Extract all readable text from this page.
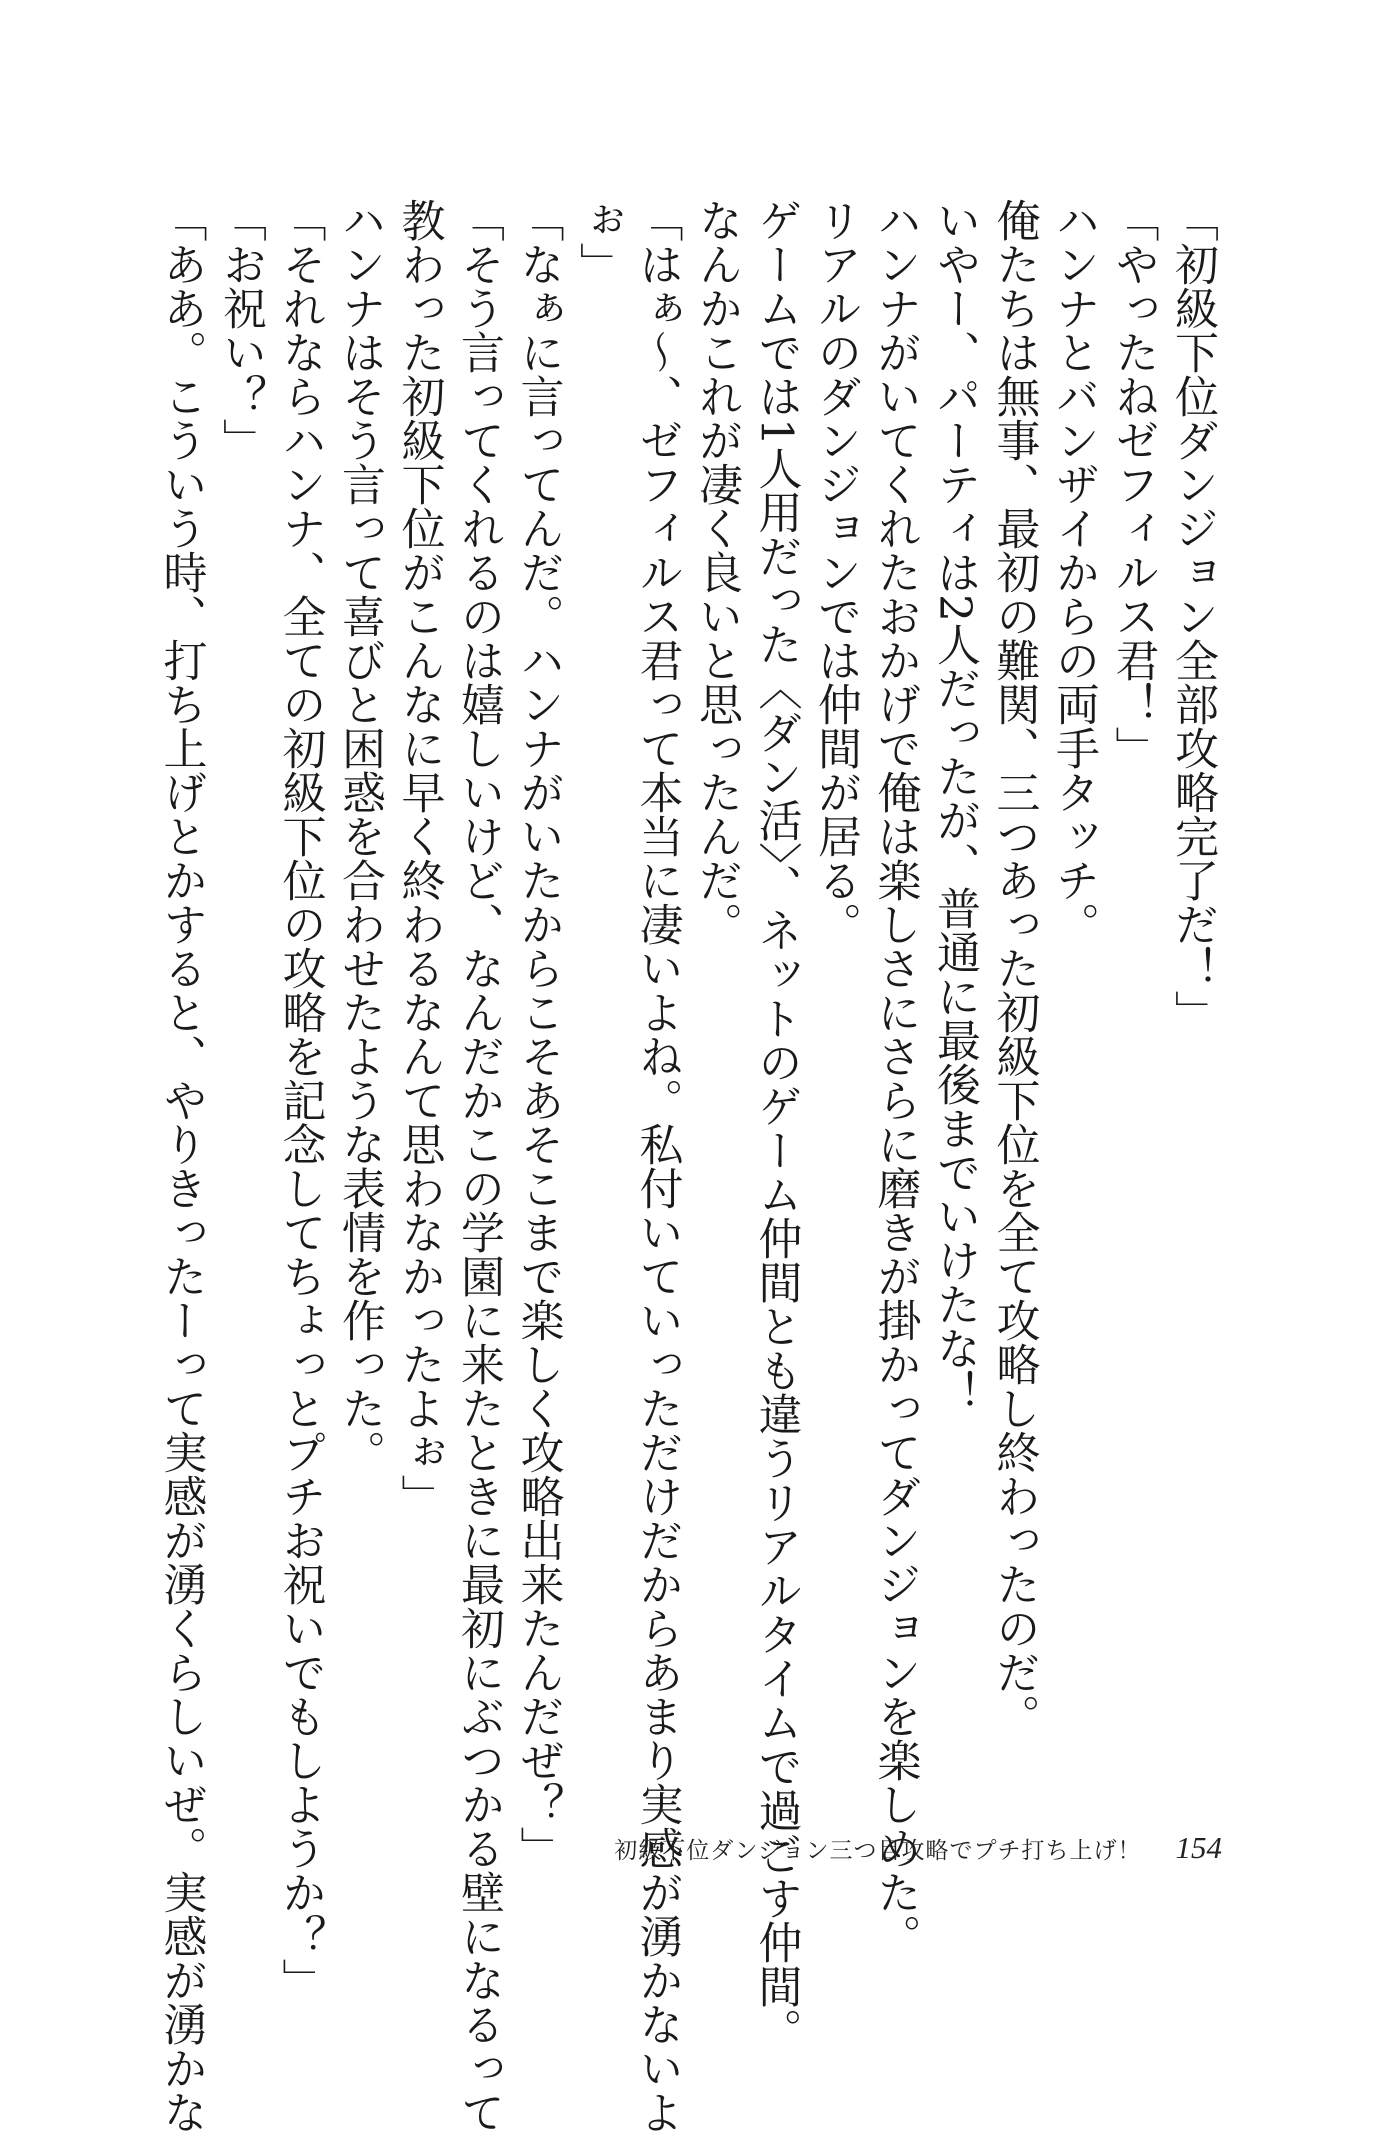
「初級下位ダンジョン全部攻略完了だ！」

「やったねゼフィルス君！」

ハンナとバンザイからの両手タッチ。

俺たちは無事、最初の難関、三つあった初級下位を全て攻略し終わったのだ。

いやー、パーティは2人だったが、普通に最後までいけたな！

ハンナがいてくれたおかげで俺は楽しさにさらに磨きが掛かってダンジョンを楽しめた。

リアルのダンジョンでは仲間が居る。

ゲームでは1人用だった〈ダン活〉、ネットのゲーム仲間とも違うリアルタイムで過ごす仲間。

なんかこれが凄く良いと思ったんだ。

「はぁ～、ゼフィルス君って本当に凄いよね。私付いていっただけだからあまり実感が湧かないよ

ぉ」

「なぁに言ってんだ。ハンナがいたからこそあそこまで楽しく攻略出来たんだぜ？」

「そう言ってくれるのは嬉しいけど、なんだかこの学園に来たときに最初にぶつかる壁になるって

教わった初級下位がこんなに早く終わるなんて思わなかったよぉ」

ハンナはそう言って喜びと困惑を合わせたような表情を作った。

「それならハンナ、全ての初級下位の攻略を記念してちょっとプチお祝いでもしようか？」

「お祝い？」

「ああ。こういう時、打ち上げとかすると、やりきったーって実感が湧くらしいぜ。実感が湧かな	初級下位ダンジョン三つ目攻略でプチ打ち上げ！ 154
